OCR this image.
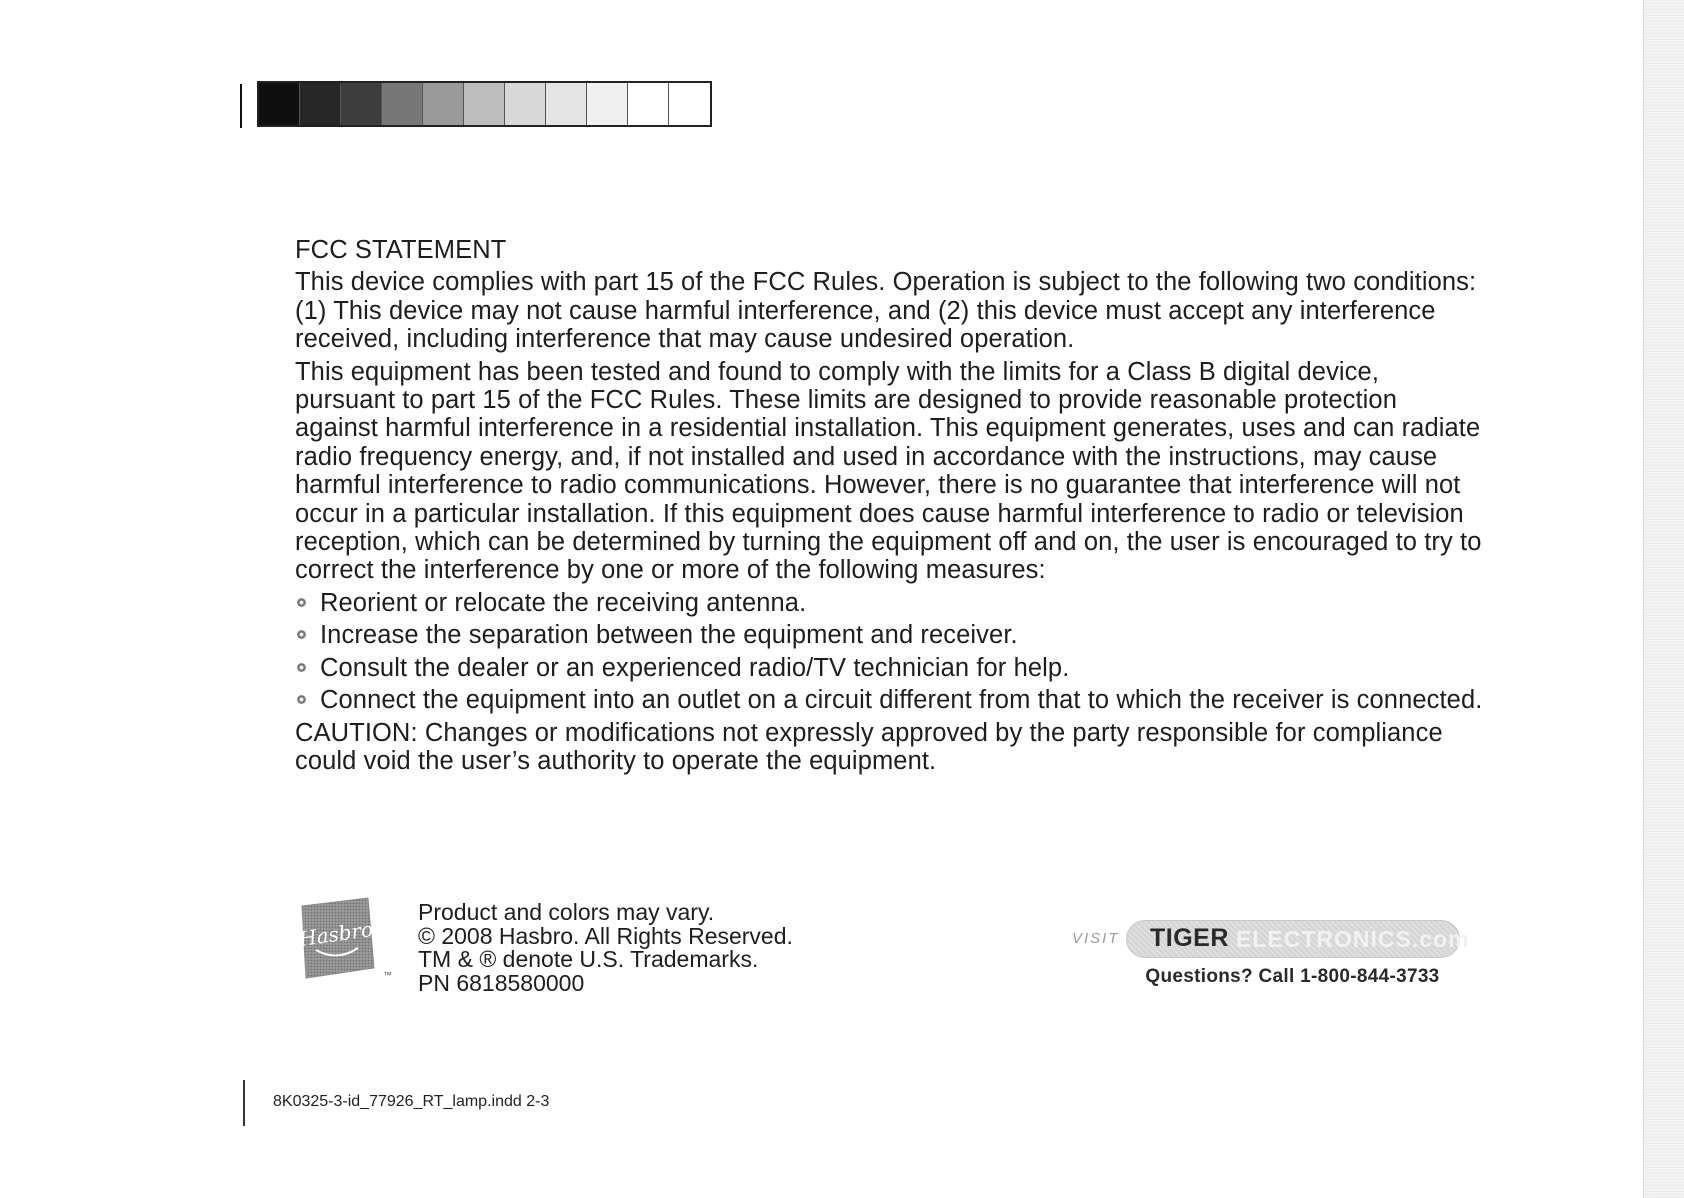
FCC STATEMENT

This device complies with part 15 of the FCC Rules. Operation is subject to the following two conditions: (1) This device may not cause harmful interference, and (2) this device must accept any interference received, including interference that may cause undesired operation.

This equipment has been tested and found to comply with the limits for a Class B digital device, pursuant to part 15 of the FCC Rules. These limits are designed to provide reasonable protection against harmful interference in a residential installation. This equipment generates, uses and can radiate radio frequency energy, and, if not installed and used in accordance with the instructions, may cause harmful interference to radio communications. However, there is no guarantee that interference will not occur in a particular installation. If this equipment does cause harmful interference to radio or television reception, which can be determined by turning the equipment off and on, the user is encouraged to try to correct the interference by one or more of the following measures:

Reorient or relocate the receiving antenna.
Increase the separation between the equipment and receiver.
Consult the dealer or an experienced radio/TV technician for help.
Connect the equipment into an outlet on a circuit different from that to which the receiver is connected.

CAUTION: Changes or modifications not expressly approved by the party responsible for compliance could void the user’s authority to operate the equipment.

Hasbro
™
Product and colors may vary.
© 2008 Hasbro. All Rights Reserved.
TM & ® denote U.S. Trademarks.
PN 6818580000
VISIT TIGER ELECTRONICS.com
Questions? Call 1-800-844-3733
8K0325-3-id_77926_RT_lamp.indd 2-3
